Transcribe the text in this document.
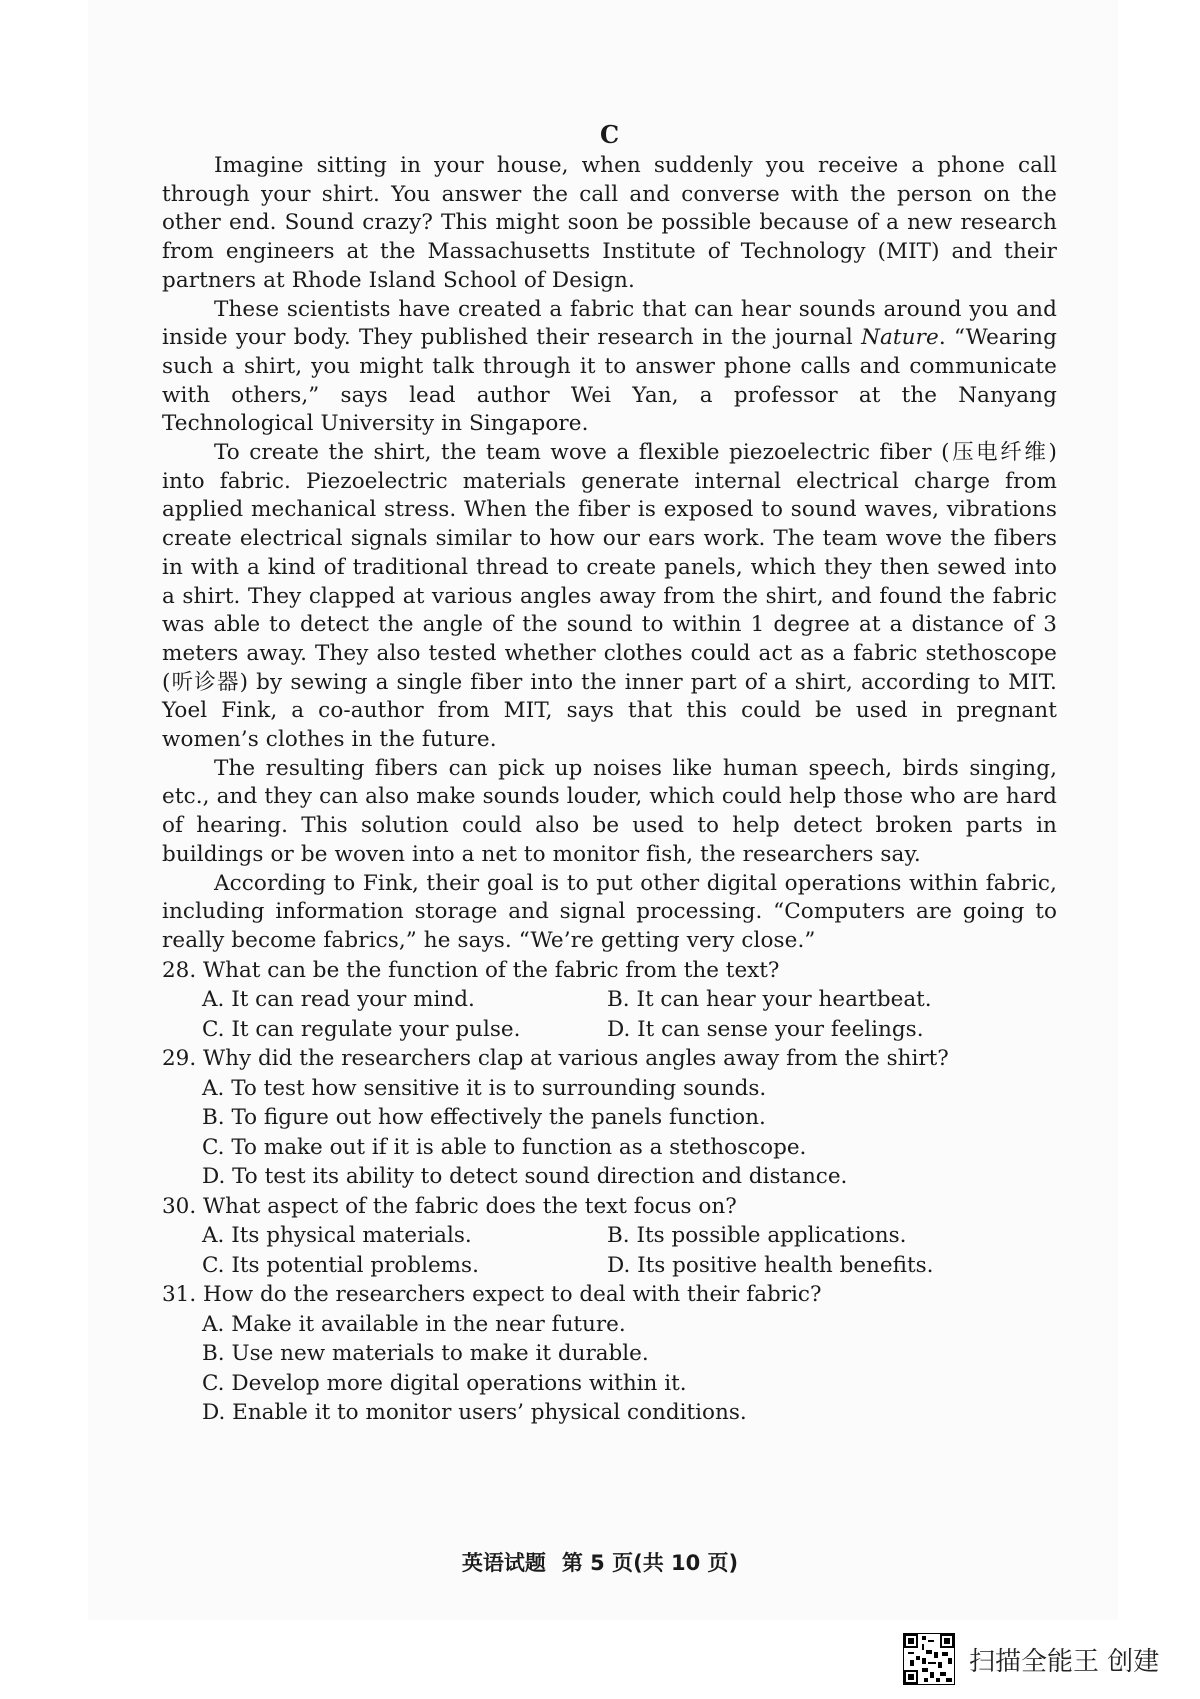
C

Imagine sitting in your house, when suddenly you receive a phone call through your shirt. You answer the call and converse with the person on the other end. Sound crazy? This might soon be possible because of a new research from engineers at the Massachusetts Institute of Technology (MIT) and their partners at Rhode Island School of Design.

These scientists have created a fabric that can hear sounds around you and inside your body. They published their research in the journal Nature. “Wearing such a shirt, you might talk through it to answer phone calls and communicate with others,” says lead author Wei Yan, a professor at the Nanyang Technological University in Singapore.

To create the shirt, the team wove a flexible piezoelectric fiber (压电纤维) into fabric. Piezoelectric materials generate internal electrical charge from applied mechanical stress. When the fiber is exposed to sound waves, vibrations create electrical signals similar to how our ears work. The team wove the fibers in with a kind of traditional thread to create panels, which they then sewed into a shirt. They clapped at various angles away from the shirt, and found the fabric was able to detect the angle of the sound to within 1 degree at a distance of 3 meters away. They also tested whether clothes could act as a fabric stethoscope (听诊器) by sewing a single fiber into the inner part of a shirt, according to MIT. Yoel Fink, a co-author from MIT, says that this could be used in pregnant women’s clothes in the future.

The resulting fibers can pick up noises like human speech, birds singing, etc., and they can also make sounds louder, which could help those who are hard of hearing. This solution could also be used to help detect broken parts in buildings or be woven into a net to monitor fish, the researchers say.

According to Fink, their goal is to put other digital operations within fabric, including information storage and signal processing. “Computers are going to really become fabrics,” he says. “We’re getting very close.”

28. What can be the function of the fabric from the text?

A. It can read your mind.	B. It can hear your heartbeat.

C. It can regulate your pulse.	D. It can sense your feelings.

29. Why did the researchers clap at various angles away from the shirt?

A. To test how sensitive it is to surrounding sounds.

B. To figure out how effectively the panels function.

C. To make out if it is able to function as a stethoscope.

D. To test its ability to detect sound direction and distance.

30. What aspect of the fabric does the text focus on?

A. Its physical materials.	B. Its possible applications.

C. Its potential problems.	D. Its positive health benefits.

31. How do the researchers expect to deal with their fabric?

A. Make it available in the near future.

B. Use new materials to make it durable.

C. Develop more digital operations within it.

D. Enable it to monitor users’ physical conditions.

英语试题 第 5 页(共 10 页)
扫描全能王 创建
